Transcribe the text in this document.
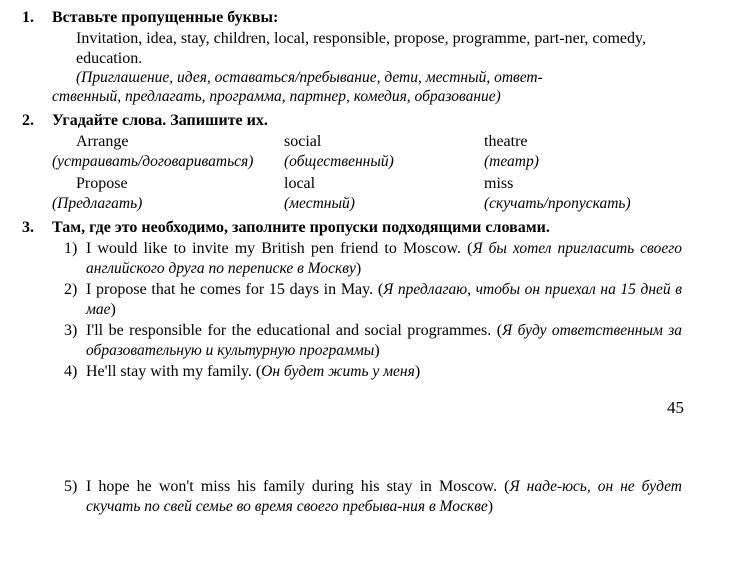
1.	Вставьте пропущенные буквы:
Invitation, idea, stay, children, local, responsible, propose, programme, part-ner, comedy, education.
(Приглашение, идея, оставаться/пребывание, дети, местный, ответ-
ственный, предлагать, программа, партнер, комедия, образование)
2.	Угадайте слова. Запишите их.
Arrange	social	theatre
(устраивать/договариваться)	(общественный)	(театр)
Propose	local	miss
(Предлагать)	(местный)	(скучать/пропускать)
3.	Там, где это необходимо, заполните пропуски подходящими словами.
1) I would like to invite my British pen friend to Moscow. (Я бы хотел пригласить своего английского друга по переписке в Москву)
2) I propose that he comes for 15 days in May. (Я предлагаю, чтобы он приехал на 15 дней в мае)
3) I'll be responsible for the educational and social programmes. (Я буду ответственным за образовательную и культурную программы)
4) He'll stay with my family. (Он будет жить у меня)
45
5) I hope he won't miss his family during his stay in Moscow. (Я наде-юсь, он не будет скучать по свей семье во время своего пребыва-ния в Москве)
